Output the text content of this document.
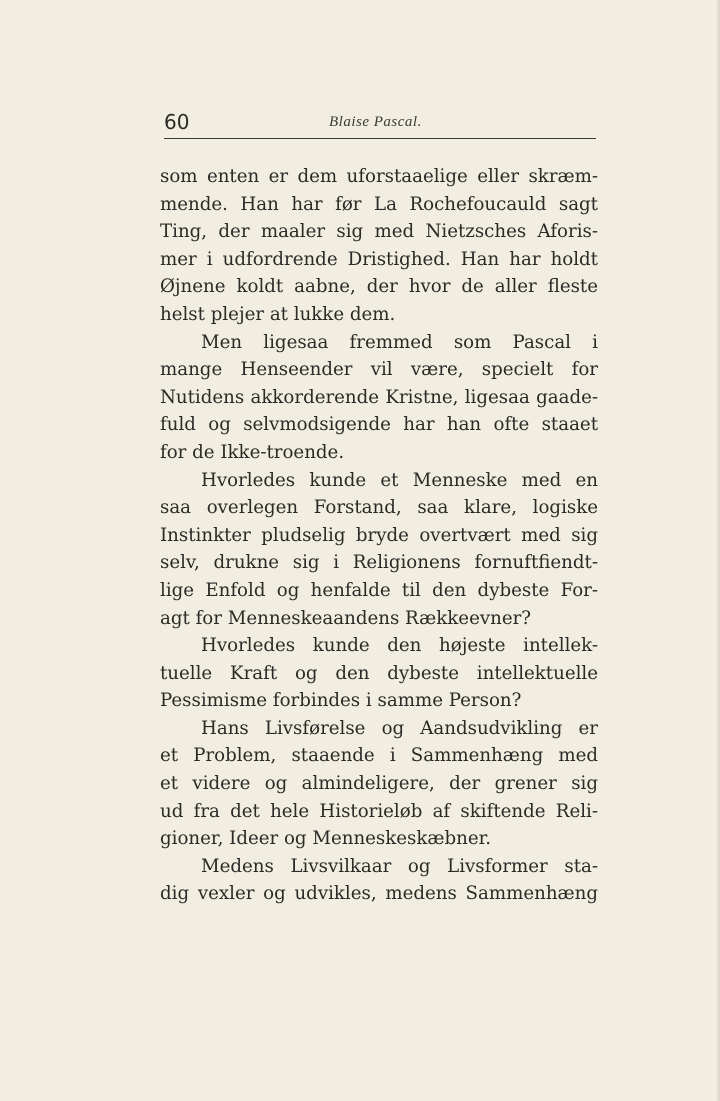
60	Blaise Pascal.
som enten er dem uforstaaelige eller skræm-
mende. Han har før La Rochefoucauld sagt
Ting, der maaler sig med Nietzsches Aforis-
mer i udfordrende Dristighed. Han har holdt
Øjnene koldt aabne, der hvor de aller fleste
helst plejer at lukke dem.
Men ligesaa fremmed som Pascal i
mange Henseender vil være, specielt for
Nutidens akkorderende Kristne, ligesaa gaade-
fuld og selvmodsigende har han ofte staaet
for de Ikke-troende.
Hvorledes kunde et Menneske med en
saa overlegen Forstand, saa klare, logiske
Instinkter pludselig bryde overtvært med sig
selv, drukne sig i Religionens fornuftfiendt-
lige Enfold og henfalde til den dybeste For-
agt for Menneskeaandens Rækkeevner?
Hvorledes kunde den højeste intellek-
tuelle Kraft og den dybeste intellektuelle
Pessimisme forbindes i samme Person?
Hans Livsførelse og Aandsudvikling er
et Problem, staaende i Sammenhæng med
et videre og almindeligere, der grener sig
ud fra det hele Historieløb af skiftende Reli-
gioner, Ideer og Menneskeskæbner.
Medens Livsvilkaar og Livsformer sta-
dig vexler og udvikles, medens Sammenhæng
